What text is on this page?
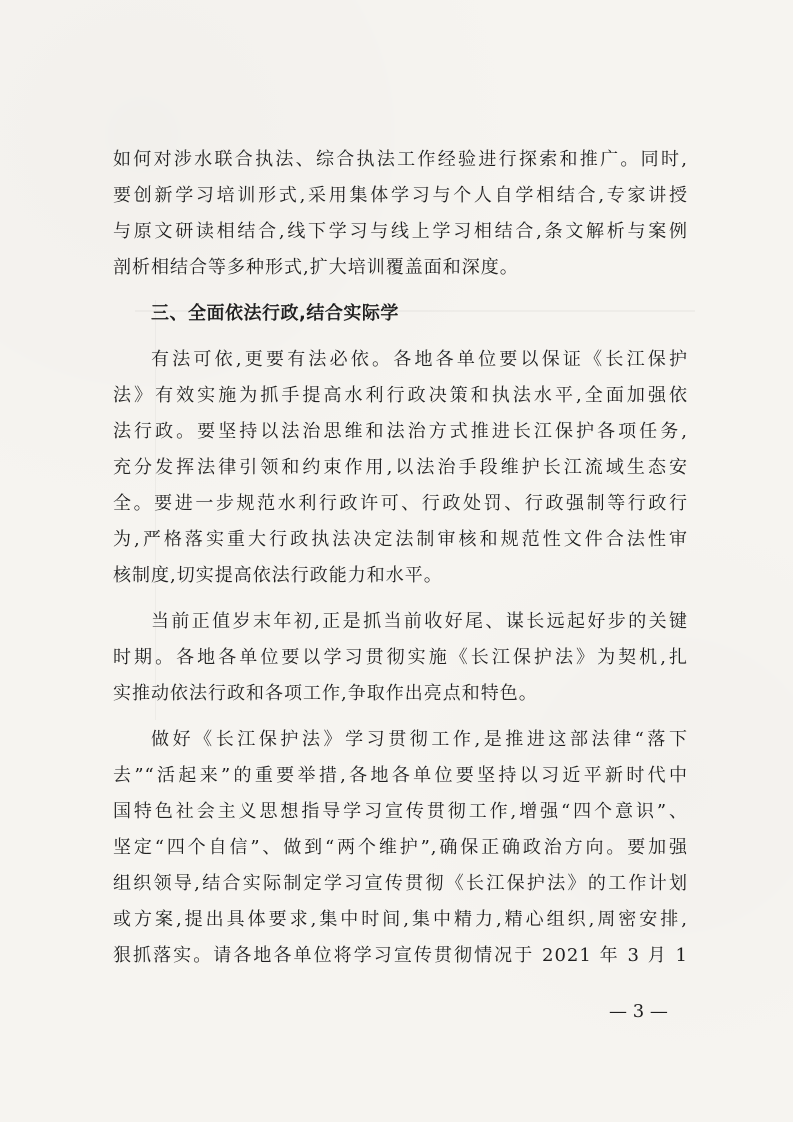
如何对涉水联合执法、综合执法工作经验进行探索和推广。同时,
要创新学习培训形式,采用集体学习与个人自学相结合,专家讲授
与原文研读相结合,线下学习与线上学习相结合,条文解析与案例
剖析相结合等多种形式,扩大培训覆盖面和深度。
三、全面依法行政,结合实际学
有法可依,更要有法必依。各地各单位要以保证《长江保护
法》有效实施为抓手提高水利行政决策和执法水平,全面加强依
法行政。要坚持以法治思维和法治方式推进长江保护各项任务,
充分发挥法律引领和约束作用,以法治手段维护长江流域生态安
全。要进一步规范水利行政许可、行政处罚、行政强制等行政行
为,严格落实重大行政执法决定法制审核和规范性文件合法性审
核制度,切实提高依法行政能力和水平。
当前正值岁末年初,正是抓当前收好尾、谋长远起好步的关键
时期。各地各单位要以学习贯彻实施《长江保护法》为契机,扎
实推动依法行政和各项工作,争取作出亮点和特色。
做好《长江保护法》学习贯彻工作,是推进这部法律“落下
去”“活起来”的重要举措,各地各单位要坚持以习近平新时代中
国特色社会主义思想指导学习宣传贯彻工作,增强“四个意识”、
坚定“四个自信”、做到“两个维护”,确保正确政治方向。要加强
组织领导,结合实际制定学习宣传贯彻《长江保护法》的工作计划
或方案,提出具体要求,集中时间,集中精力,精心组织,周密安排,
狠抓落实。请各地各单位将学习宣传贯彻情况于 2021 年 3 月 1
— 3 —
